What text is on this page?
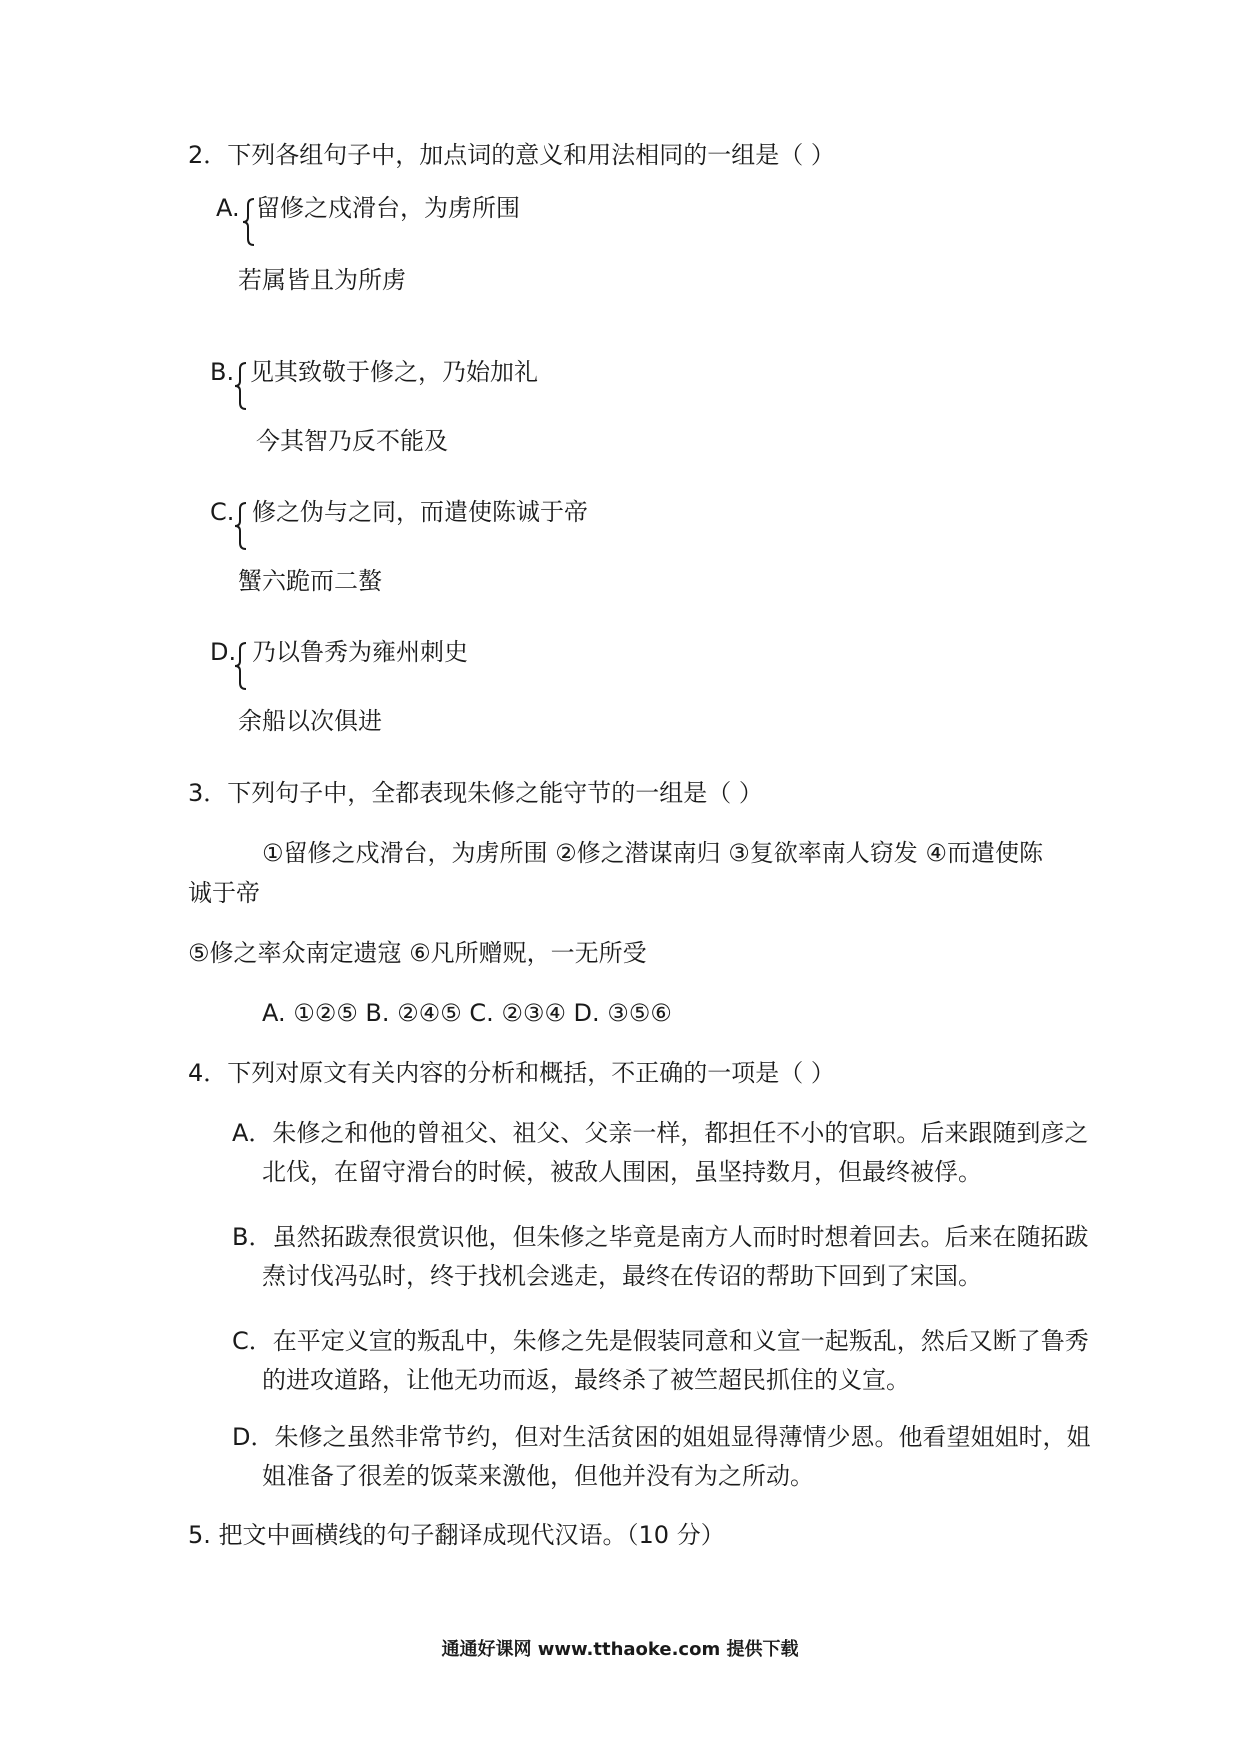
2．下列各组句子中，加点词的意义和用法相同的一组是（ ）
A. 留修之戍滑台，为虏所围
若属皆且为所虏
B. 见其致敬于修之，乃始加礼
今其智乃反不能及
C. 修之伪与之同，而遣使陈诚于帝
蟹六跪而二螯
D. 乃以鲁秀为雍州刺史
余船以次俱进
3．下列句子中，全都表现朱修之能守节的一组是（ ）
①留修之戍滑台，为虏所围 ②修之潜谋南归 ③复欲率南人窃发 ④而遣使陈
诚于帝
⑤修之率众南定遗寇 ⑥凡所赠贶，一无所受
A. ①②⑤ B. ②④⑤ C. ②③④ D. ③⑤⑥
4．下列对原文有关内容的分析和概括，不正确的一项是（ ）
A．朱修之和他的曾祖父、祖父、父亲一样，都担任不小的官职。后来跟随到彦之
北伐，在留守滑台的时候，被敌人围困，虽坚持数月，但最终被俘。
B．虽然拓跋焘很赏识他，但朱修之毕竟是南方人而时时想着回去。后来在随拓跋
焘讨伐冯弘时，终于找机会逃走，最终在传诏的帮助下回到了宋国。
C．在平定义宣的叛乱中，朱修之先是假装同意和义宣一起叛乱，然后又断了鲁秀
的进攻道路，让他无功而返，最终杀了被竺超民抓住的义宣。
D．朱修之虽然非常节约，但对生活贫困的姐姐显得薄情少恩。他看望姐姐时，姐
姐准备了很差的饭菜来激他，但他并没有为之所动。
5. 把文中画横线的句子翻译成现代汉语。（10 分）
通通好课网 www.tthaoke.com 提供下载
